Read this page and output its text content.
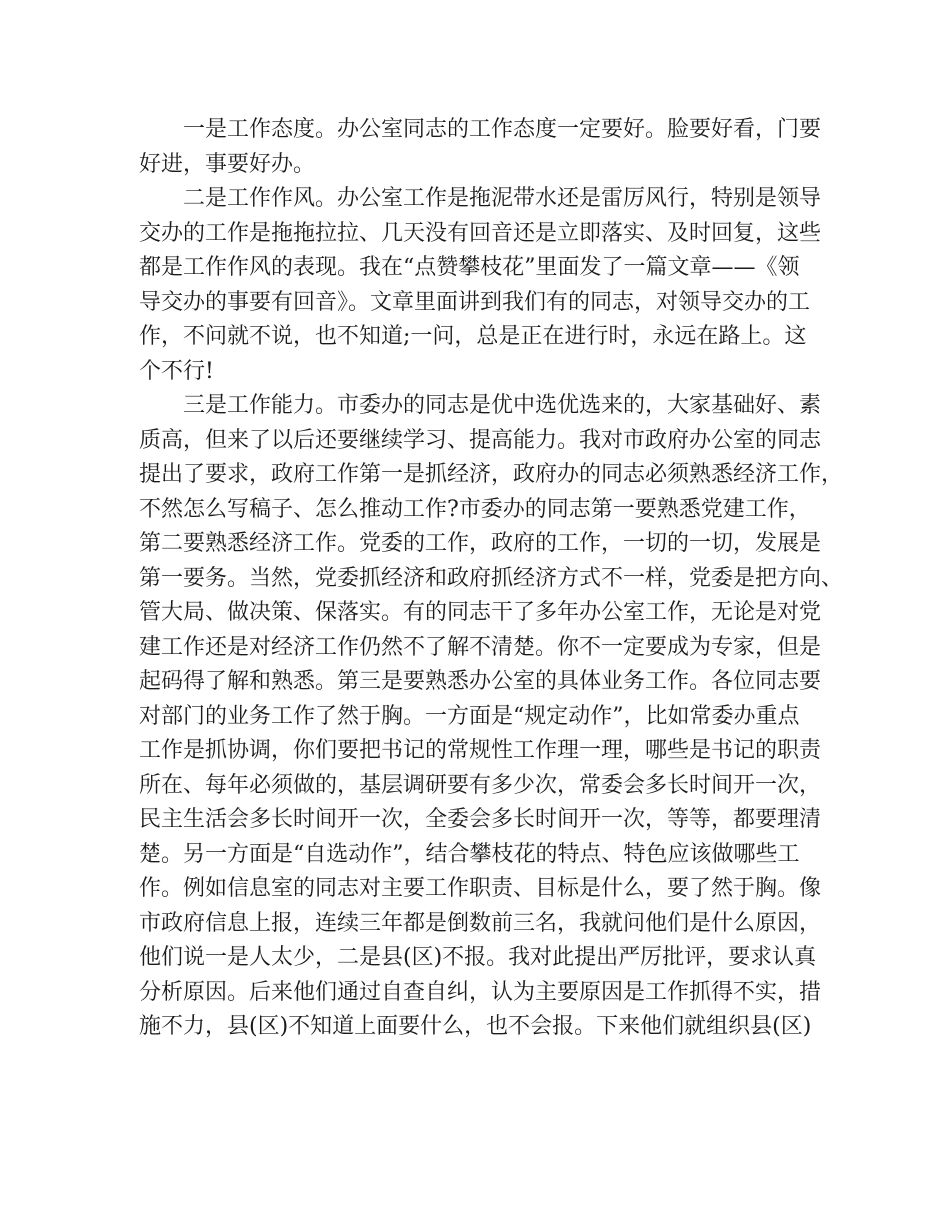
一是工作态度。办公室同志的工作态度一定要好。脸要好看，门要
好进，事要好办。
二是工作作风。办公室工作是拖泥带水还是雷厉风行，特别是领导
交办的工作是拖拖拉拉、几天没有回音还是立即落实、及时回复，这些
都是工作作风的表现。我在“点赞攀枝花”里面发了一篇文章——《领
导交办的事要有回音》。文章里面讲到我们有的同志，对领导交办的工
作，不问就不说，也不知道;一问，总是正在进行时，永远在路上。这
个不行!
三是工作能力。市委办的同志是优中选优选来的，大家基础好、素
质高，但来了以后还要继续学习、提高能力。我对市政府办公室的同志
提出了要求，政府工作第一是抓经济，政府办的同志必须熟悉经济工作，
不然怎么写稿子、怎么推动工作?市委办的同志第一要熟悉党建工作，
第二要熟悉经济工作。党委的工作，政府的工作，一切的一切，发展是
第一要务。当然，党委抓经济和政府抓经济方式不一样，党委是把方向、
管大局、做决策、保落实。有的同志干了多年办公室工作，无论是对党
建工作还是对经济工作仍然不了解不清楚。你不一定要成为专家，但是
起码得了解和熟悉。第三是要熟悉办公室的具体业务工作。各位同志要
对部门的业务工作了然于胸。一方面是“规定动作”，比如常委办重点
工作是抓协调，你们要把书记的常规性工作理一理，哪些是书记的职责
所在、每年必须做的，基层调研要有多少次，常委会多长时间开一次，
民主生活会多长时间开一次，全委会多长时间开一次，等等，都要理清
楚。另一方面是“自选动作”，结合攀枝花的特点、特色应该做哪些工
作。例如信息室的同志对主要工作职责、目标是什么，要了然于胸。像
市政府信息上报，连续三年都是倒数前三名，我就问他们是什么原因，
他们说一是人太少，二是县(区)不报。我对此提出严厉批评，要求认真
分析原因。后来他们通过自查自纠，认为主要原因是工作抓得不实，措
施不力，县(区)不知道上面要什么，也不会报。下来他们就组织县(区)
